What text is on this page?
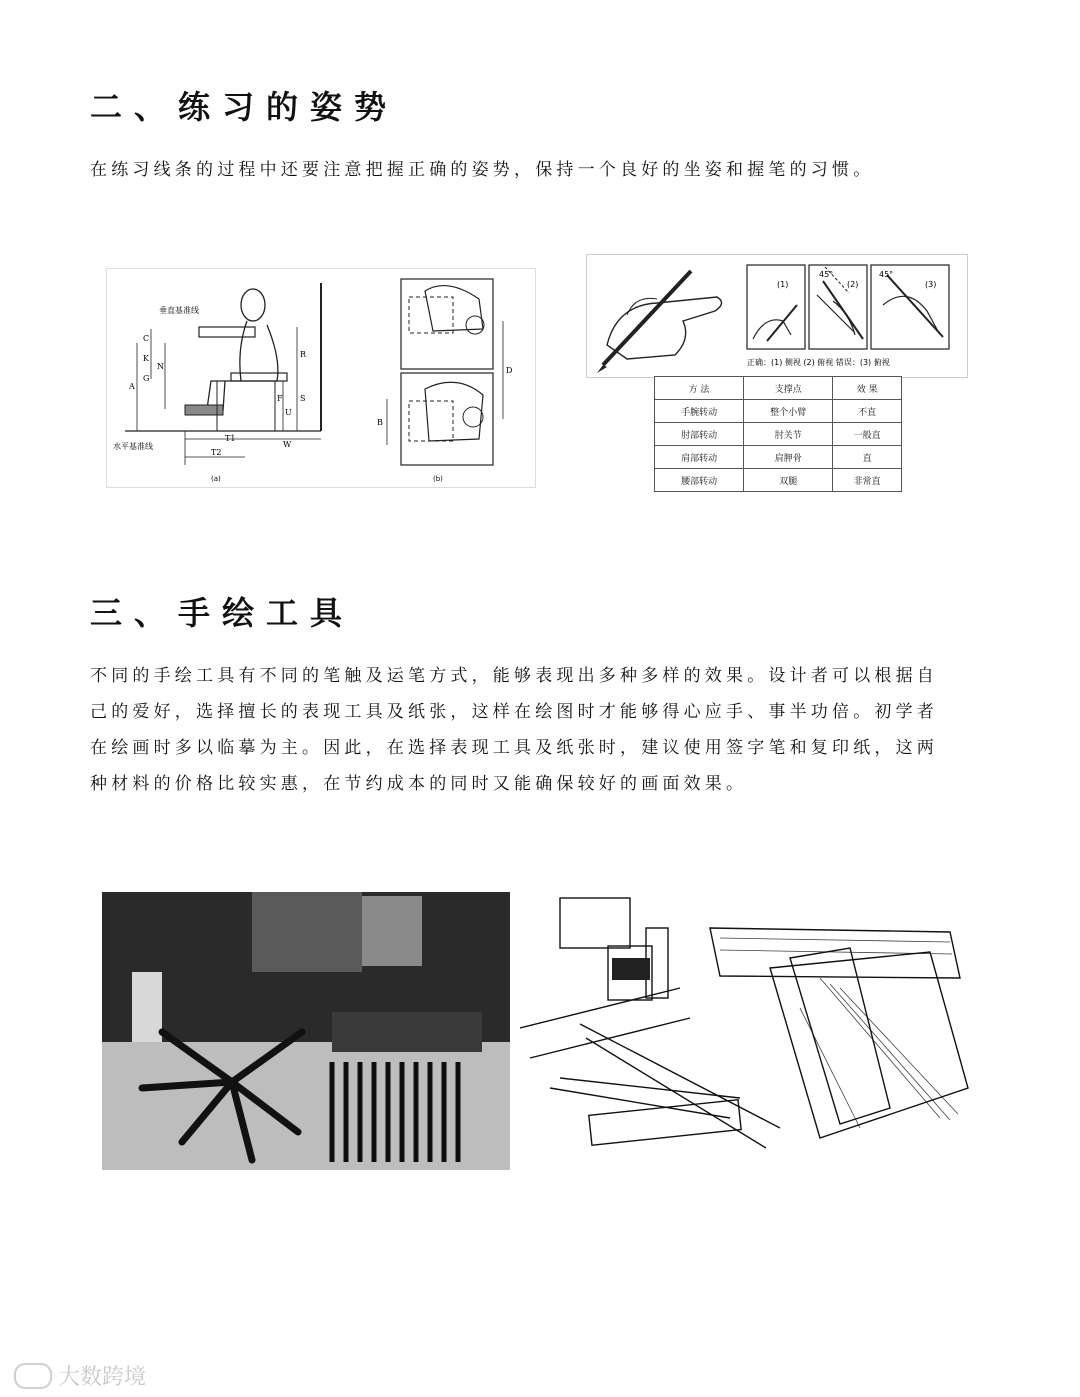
二、练习的姿势
在练习线条的过程中还要注意把握正确的姿势，保持一个良好的坐姿和握笔的习惯。
C
K
G
N
A
R
F
U
S
T1
T2
W
垂直基准线
水平基准线
(a)
D
B
(b)
45°	45°
(1)	(2)	(3)
正确：(1) 侧视 (2) 俯视 错误：(3) 俯视
方 法	支撑点	效 果
手腕转动	整个小臂	不直
肘部转动	肘关节	一般直
肩部转动	肩胛骨	直
腰部转动	双腿	非常直
三、手绘工具
不同的手绘工具有不同的笔触及运笔方式，能够表现出多种多样的效果。设计者可以根据自
己的爱好，选择擅长的表现工具及纸张，这样在绘图时才能够得心应手、事半功倍。初学者
在绘画时多以临摹为主。因此，在选择表现工具及纸张时，建议使用签字笔和复印纸，这两
种材料的价格比较实惠，在节约成本的同时又能确保较好的画面效果。
大数跨境
